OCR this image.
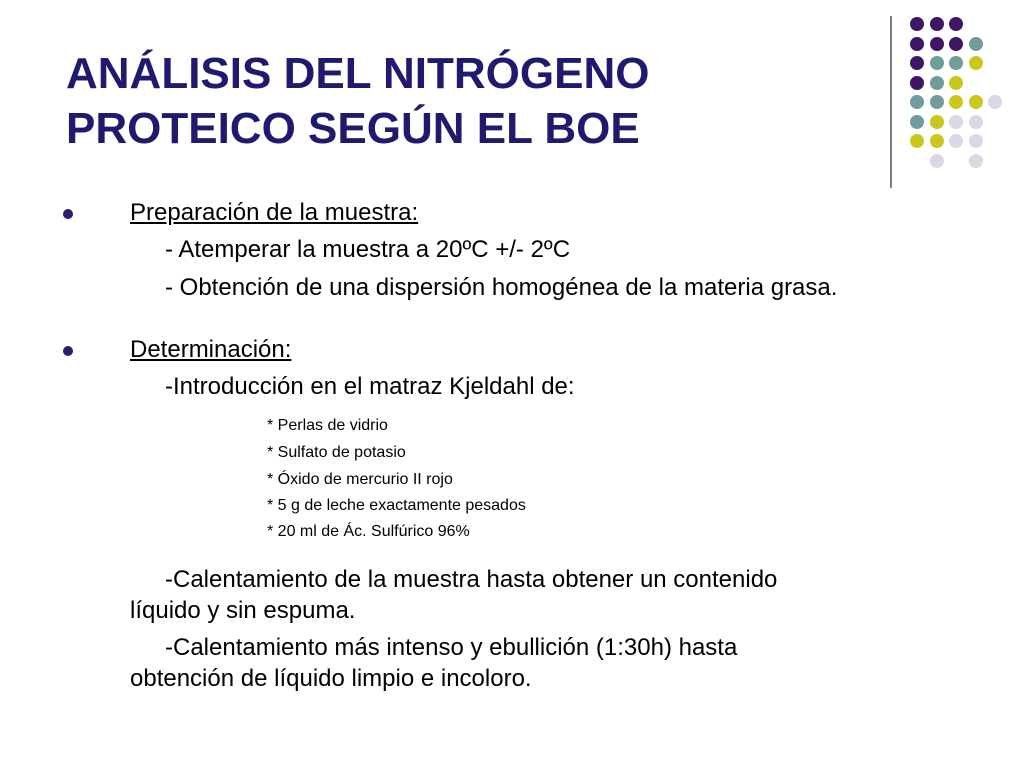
ANÁLISIS DEL NITRÓGENO
PROTEICO SEGÚN EL BOE
Preparación de la muestra:
- Atemperar la muestra a 20ºC +/- 2ºC
- Obtención de una dispersión homogénea de la materia grasa.
Determinación:
-Introducción en el matraz Kjeldahl de:
* Perlas de vidrio
* Sulfato de potasio
* Óxido de mercurio II rojo
* 5 g de leche exactamente pesados
* 20 ml de Ác. Sulfúrico 96%
-Calentamiento de la muestra hasta obtener un contenido
líquido y sin espuma.
-Calentamiento más intenso y ebullición (1:30h) hasta
obtención de líquido limpio e incoloro.
